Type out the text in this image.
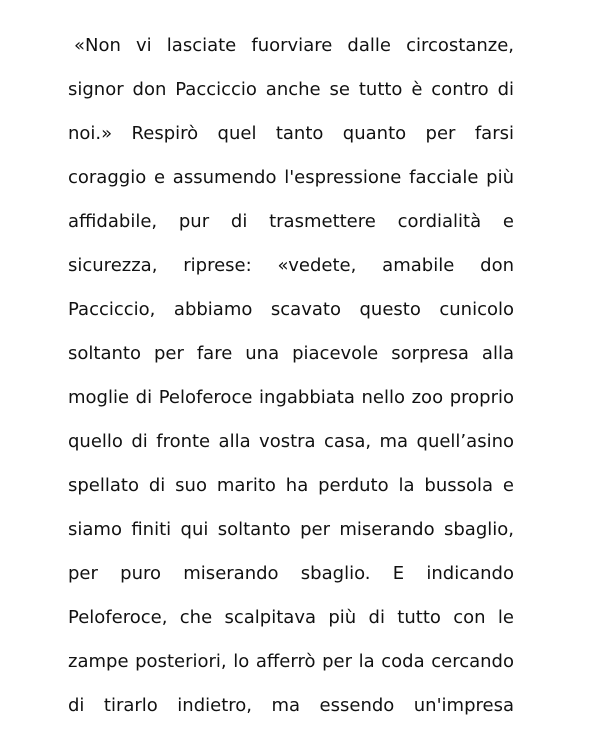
«Non vi lasciate fuorviare dalle circostanze,
signor don Pacciccio anche se tutto è contro di
noi.» Respirò quel tanto quanto per farsi
coraggio e assumendo l'espressione facciale più
affidabile, pur di trasmettere cordialità e
sicurezza, riprese: «vedete, amabile don
Pacciccio, abbiamo scavato questo cunicolo
soltanto per fare una piacevole sorpresa alla
moglie di Peloferoce ingabbiata nello zoo proprio
quello di fronte alla vostra casa, ma quell’asino
spellato di suo marito ha perduto la bussola e
siamo finiti qui soltanto per miserando sbaglio,
per puro miserando sbaglio. E indicando
Peloferoce, che scalpitava più di tutto con le
zampe posteriori, lo afferrò per la coda cercando
di tirarlo indietro, ma essendo un'impresa
